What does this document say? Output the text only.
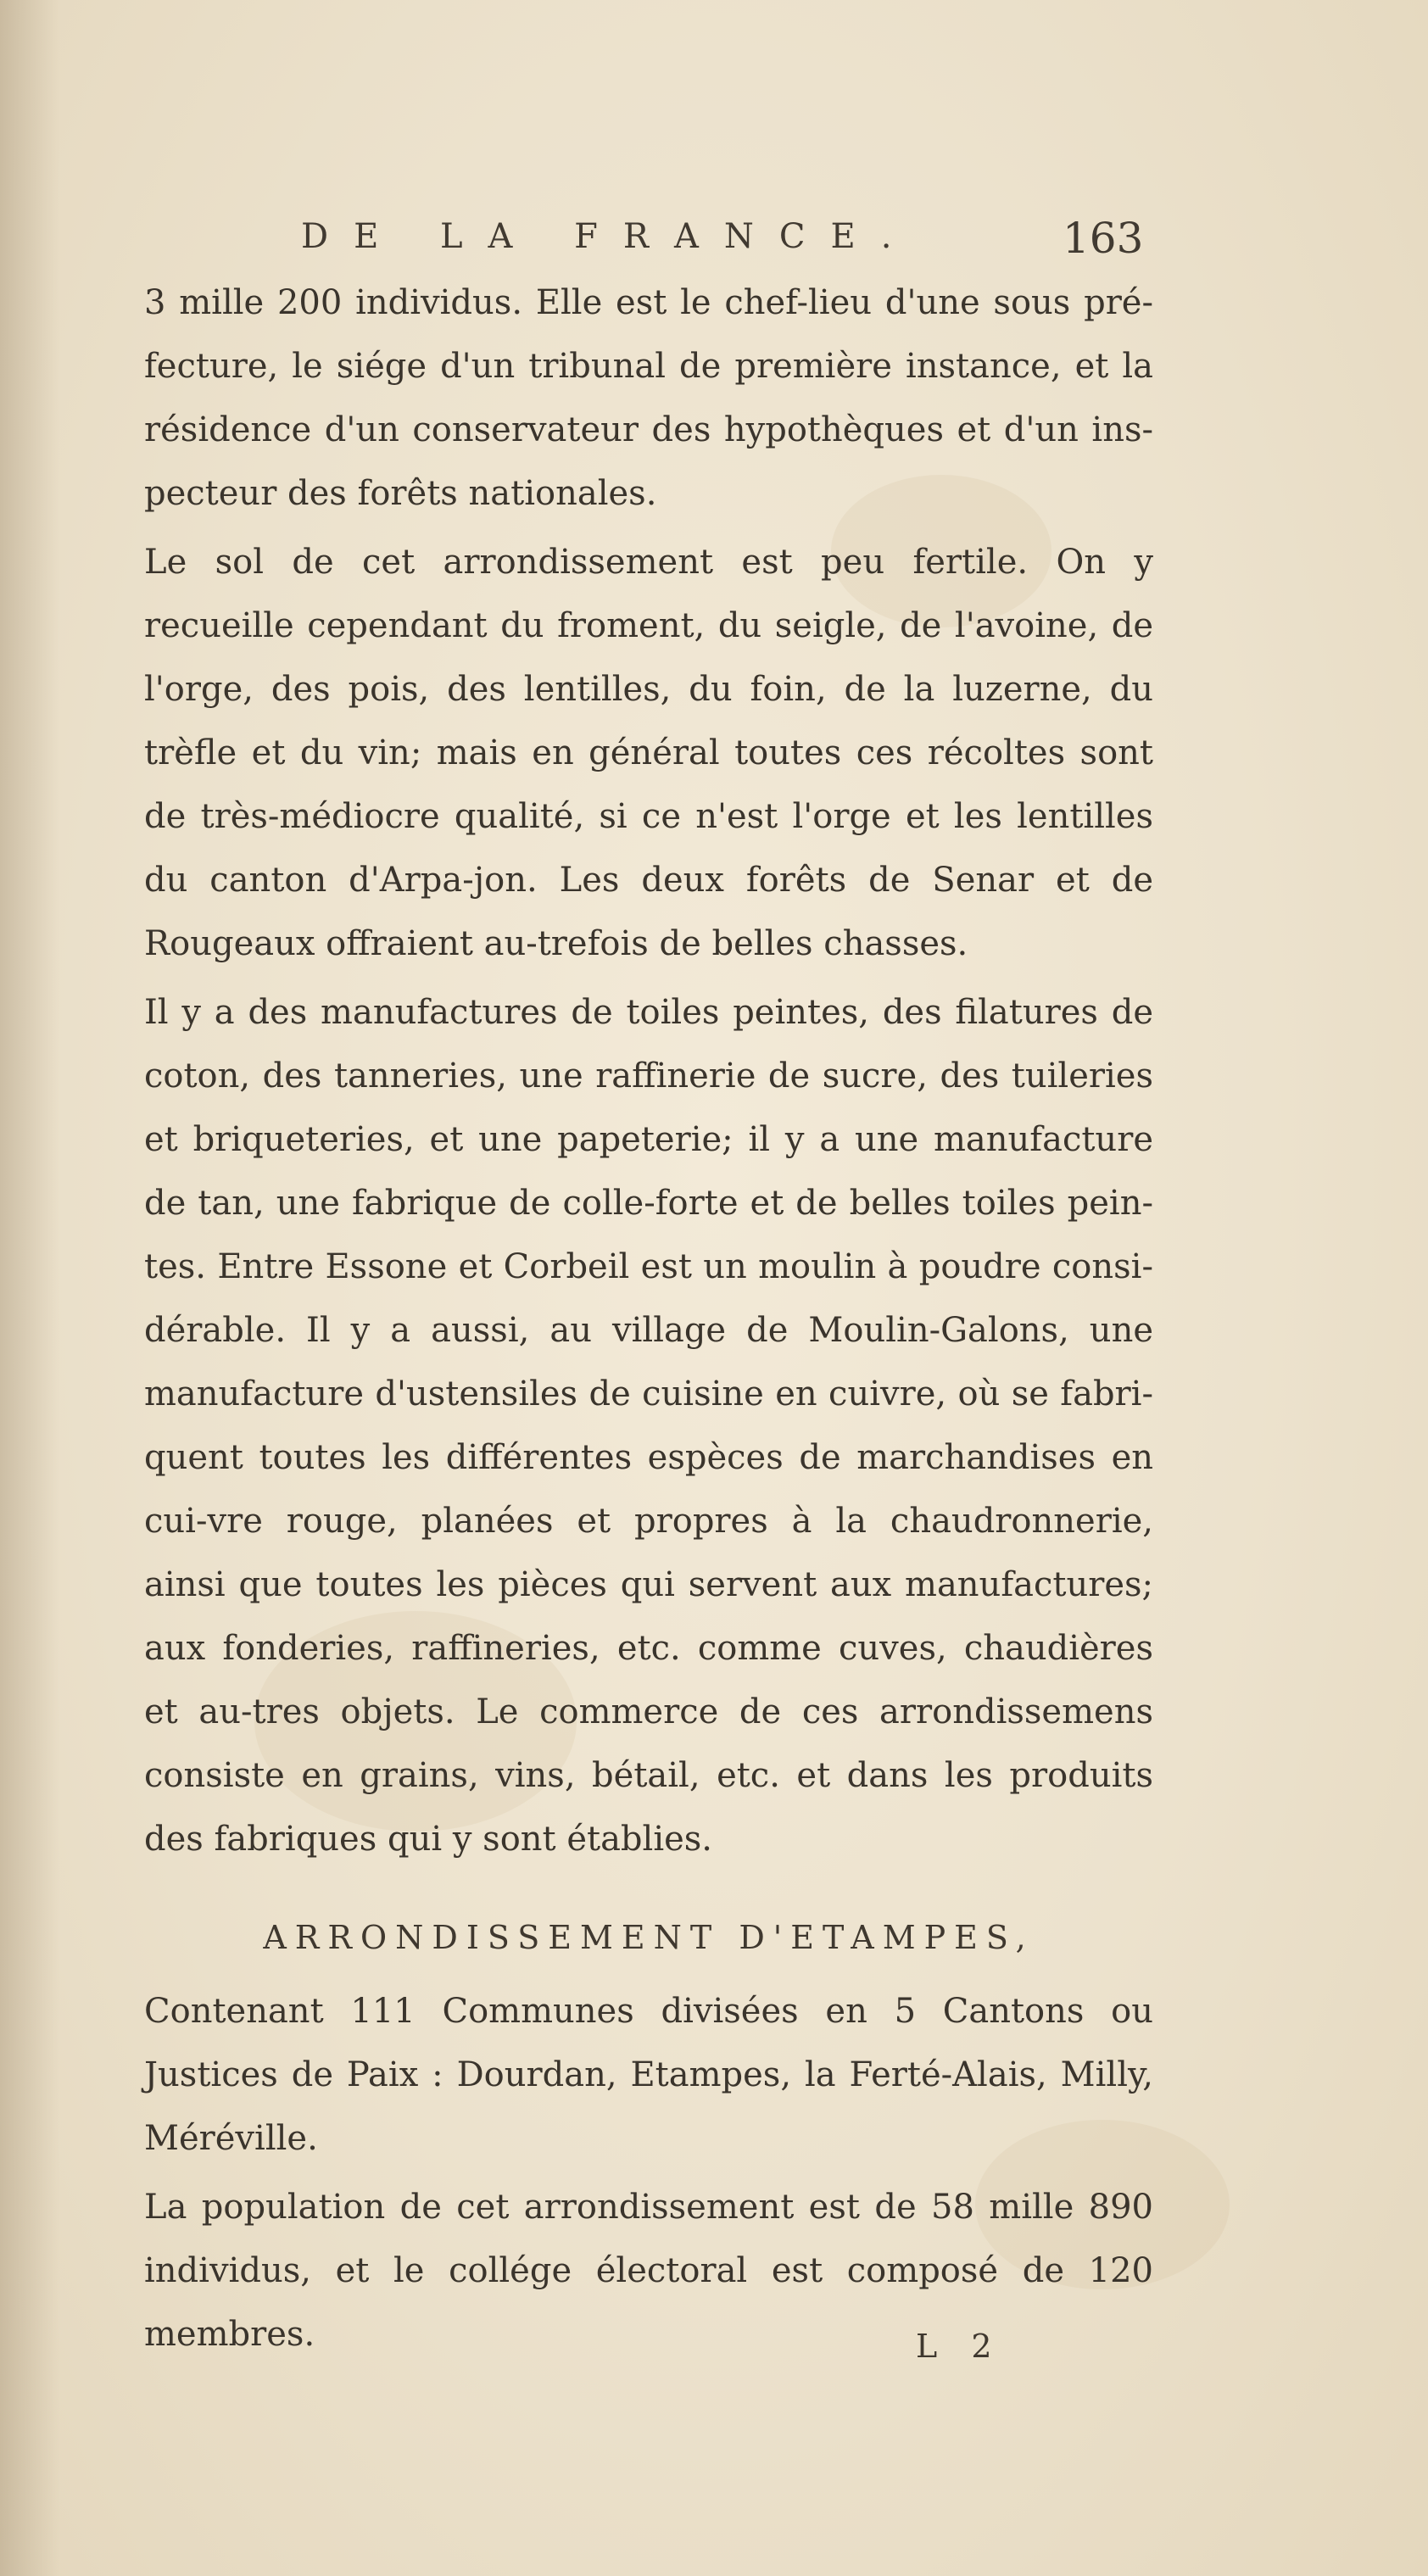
DE LA FRANCE.	163

3 mille 200 individus. Elle est le chef-lieu d'une sous pré-fecture, le siége d'un tribunal de première instance, et la résidence d'un conservateur des hypothèques et d'un ins-pecteur des forêts nationales.

Le sol de cet arrondissement est peu fertile. On y recueille cependant du froment, du seigle, de l'avoine, de l'orge, des pois, des lentilles, du foin, de la luzerne, du trèfle et du vin; mais en général toutes ces récoltes sont de très-médiocre qualité, si ce n'est l'orge et les lentilles du canton d'Arpa-jon. Les deux forêts de Senar et de Rougeaux offraient au-trefois de belles chasses.

Il y a des manufactures de toiles peintes, des filatures de coton, des tanneries, une raffinerie de sucre, des tuileries et briqueteries, et une papeterie; il y a une manufacture de tan, une fabrique de colle-forte et de belles toiles pein-tes. Entre Essone et Corbeil est un moulin à poudre consi-dérable. Il y a aussi, au village de Moulin-Galons, une manufacture d'ustensiles de cuisine en cuivre, où se fabri-quent toutes les différentes espèces de marchandises en cui-vre rouge, planées et propres à la chaudronnerie, ainsi que toutes les pièces qui servent aux manufactures; aux fonderies, raffineries, etc. comme cuves, chaudières et au-tres objets. Le commerce de ces arrondissemens consiste en grains, vins, bétail, etc. et dans les produits des fabriques qui y sont établies.

ARRONDISSEMENT D'ETAMPES,

Contenant 111 Communes divisées en 5 Cantons ou Justices de Paix : Dourdan, Etampes, la Ferté-Alais, Milly, Méréville.

La population de cet arrondissement est de 58 mille 890 individus, et le collége électoral est composé de 120 membres.	L 2
